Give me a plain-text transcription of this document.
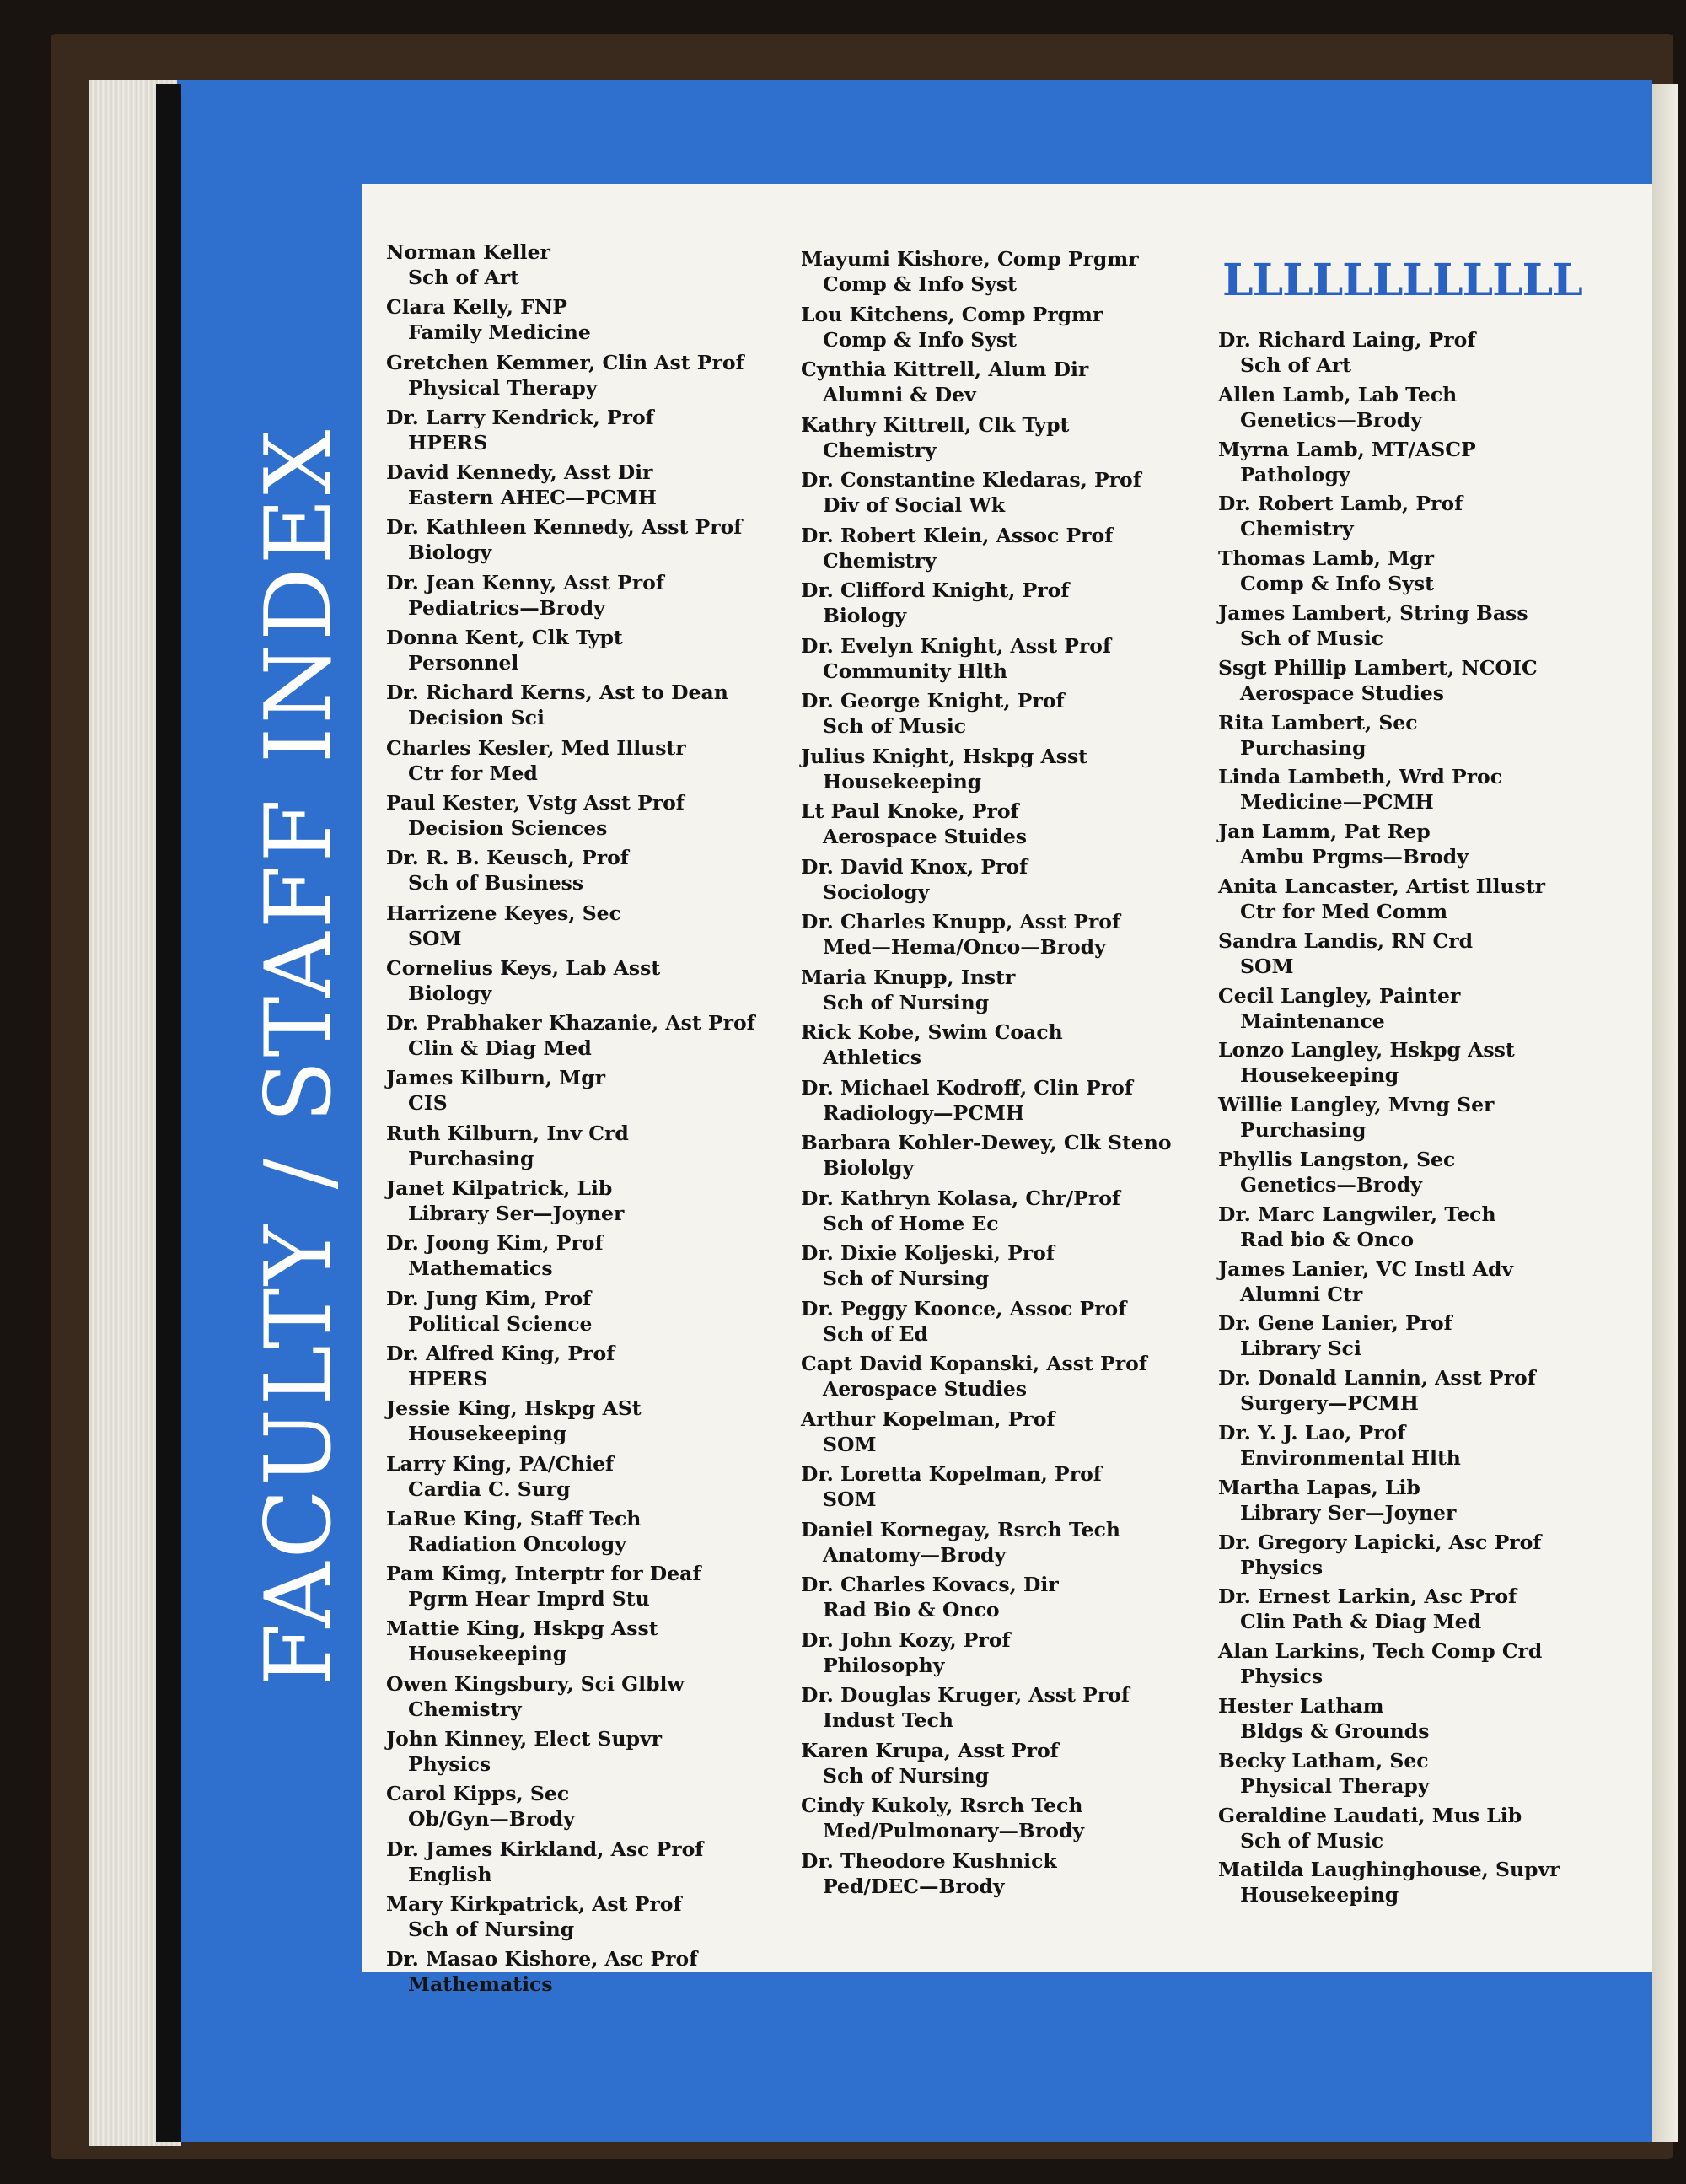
FACULTY / STAFF INDEX
LLLLLLLLLLLL
Norman Keller
Sch of Art
Clara Kelly, FNP
Family Medicine
Gretchen Kemmer, Clin Ast Prof
Physical Therapy
Dr. Larry Kendrick, Prof
HPERS
David Kennedy, Asst Dir
Eastern AHEC—PCMH
Dr. Kathleen Kennedy, Asst Prof
Biology
Dr. Jean Kenny, Asst Prof
Pediatrics—Brody
Donna Kent, Clk Typt
Personnel
Dr. Richard Kerns, Ast to Dean
Decision Sci
Charles Kesler, Med Illustr
Ctr for Med
Paul Kester, Vstg Asst Prof
Decision Sciences
Dr. R. B. Keusch, Prof
Sch of Business
Harrizene Keyes, Sec
SOM
Cornelius Keys, Lab Asst
Biology
Dr. Prabhaker Khazanie, Ast Prof
Clin & Diag Med
James Kilburn, Mgr
CIS
Ruth Kilburn, Inv Crd
Purchasing
Janet Kilpatrick, Lib
Library Ser—Joyner
Dr. Joong Kim, Prof
Mathematics
Dr. Jung Kim, Prof
Political Science
Dr. Alfred King, Prof
HPERS
Jessie King, Hskpg ASt
Housekeeping
Larry King, PA/Chief
Cardia C. Surg
LaRue King, Staff Tech
Radiation Oncology
Pam Kimg, Interptr for Deaf
Pgrm Hear Imprd Stu
Mattie King, Hskpg Asst
Housekeeping
Owen Kingsbury, Sci Glblw
Chemistry
John Kinney, Elect Supvr
Physics
Carol Kipps, Sec
Ob/Gyn—Brody
Dr. James Kirkland, Asc Prof
English
Mary Kirkpatrick, Ast Prof
Sch of Nursing
Dr. Masao Kishore, Asc Prof
Mathematics
Mayumi Kishore, Comp Prgmr
Comp & Info Syst
Lou Kitchens, Comp Prgmr
Comp & Info Syst
Cynthia Kittrell, Alum Dir
Alumni & Dev
Kathry Kittrell, Clk Typt
Chemistry
Dr. Constantine Kledaras, Prof
Div of Social Wk
Dr. Robert Klein, Assoc Prof
Chemistry
Dr. Clifford Knight, Prof
Biology
Dr. Evelyn Knight, Asst Prof
Community Hlth
Dr. George Knight, Prof
Sch of Music
Julius Knight, Hskpg Asst
Housekeeping
Lt Paul Knoke, Prof
Aerospace Stuides
Dr. David Knox, Prof
Sociology
Dr. Charles Knupp, Asst Prof
Med—Hema/Onco—Brody
Maria Knupp, Instr
Sch of Nursing
Rick Kobe, Swim Coach
Athletics
Dr. Michael Kodroff, Clin Prof
Radiology—PCMH
Barbara Kohler-Dewey, Clk Steno
Biololgy
Dr. Kathryn Kolasa, Chr/Prof
Sch of Home Ec
Dr. Dixie Koljeski, Prof
Sch of Nursing
Dr. Peggy Koonce, Assoc Prof
Sch of Ed
Capt David Kopanski, Asst Prof
Aerospace Studies
Arthur Kopelman, Prof
SOM
Dr. Loretta Kopelman, Prof
SOM
Daniel Kornegay, Rsrch Tech
Anatomy—Brody
Dr. Charles Kovacs, Dir
Rad Bio & Onco
Dr. John Kozy, Prof
Philosophy
Dr. Douglas Kruger, Asst Prof
Indust Tech
Karen Krupa, Asst Prof
Sch of Nursing
Cindy Kukoly, Rsrch Tech
Med/Pulmonary—Brody
Dr. Theodore Kushnick
Ped/DEC—Brody
Dr. Richard Laing, Prof
Sch of Art
Allen Lamb, Lab Tech
Genetics—Brody
Myrna Lamb, MT/ASCP
Pathology
Dr. Robert Lamb, Prof
Chemistry
Thomas Lamb, Mgr
Comp & Info Syst
James Lambert, String Bass
Sch of Music
Ssgt Phillip Lambert, NCOIC
Aerospace Studies
Rita Lambert, Sec
Purchasing
Linda Lambeth, Wrd Proc
Medicine—PCMH
Jan Lamm, Pat Rep
Ambu Prgms—Brody
Anita Lancaster, Artist Illustr
Ctr for Med Comm
Sandra Landis, RN Crd
SOM
Cecil Langley, Painter
Maintenance
Lonzo Langley, Hskpg Asst
Housekeeping
Willie Langley, Mvng Ser
Purchasing
Phyllis Langston, Sec
Genetics—Brody
Dr. Marc Langwiler, Tech
Rad bio & Onco
James Lanier, VC Instl Adv
Alumni Ctr
Dr. Gene Lanier, Prof
Library Sci
Dr. Donald Lannin, Asst Prof
Surgery—PCMH
Dr. Y. J. Lao, Prof
Environmental Hlth
Martha Lapas, Lib
Library Ser—Joyner
Dr. Gregory Lapicki, Asc Prof
Physics
Dr. Ernest Larkin, Asc Prof
Clin Path & Diag Med
Alan Larkins, Tech Comp Crd
Physics
Hester Latham
Bldgs & Grounds
Becky Latham, Sec
Physical Therapy
Geraldine Laudati, Mus Lib
Sch of Music
Matilda Laughinghouse, Supvr
Housekeeping
